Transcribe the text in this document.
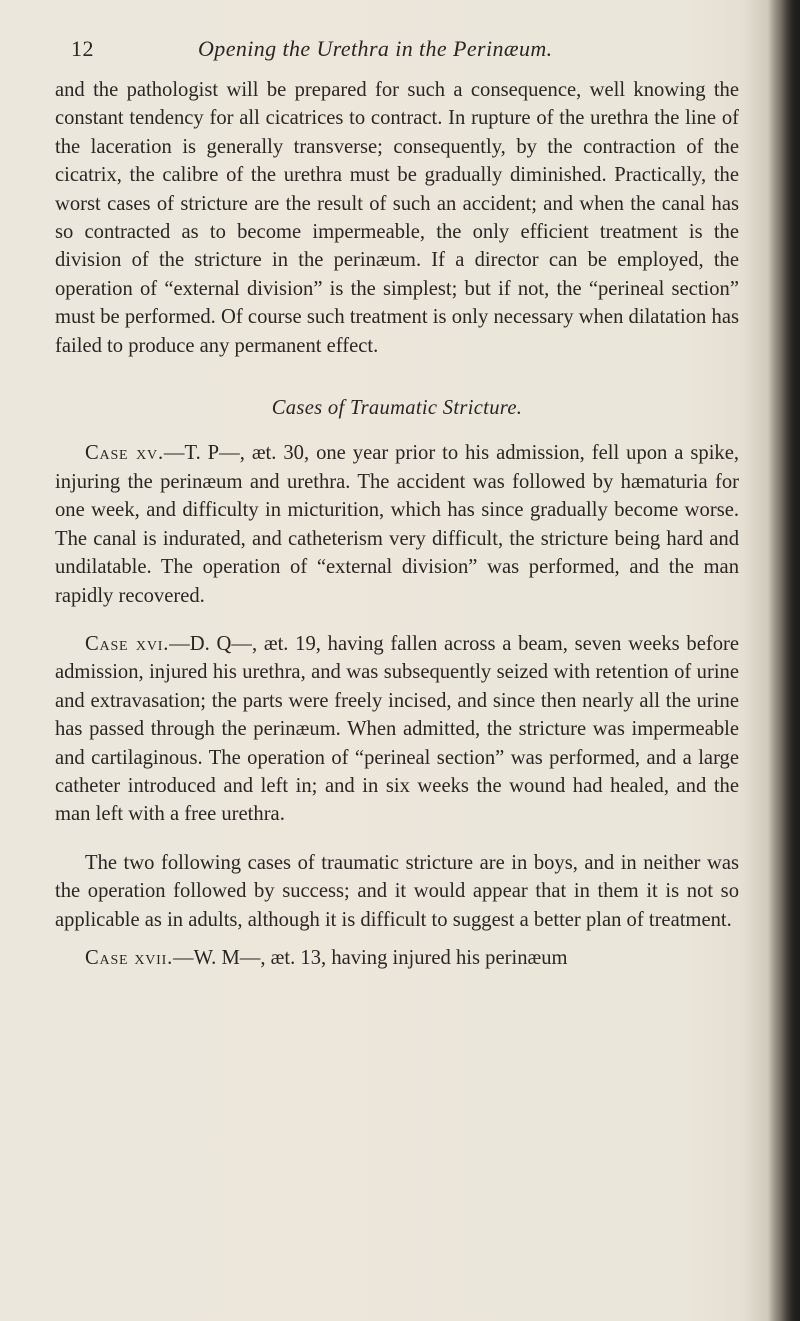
12	Opening the Urethra in the Perinæum.

and the pathologist will be prepared for such a consequence, well knowing the constant tendency for all cicatrices to contract. In rupture of the urethra the line of the laceration is generally transverse; consequently, by the contraction of the cicatrix, the calibre of the urethra must be gradually diminished. Practically, the worst cases of stricture are the result of such an accident; and when the canal has so contracted as to become impermeable, the only efficient treatment is the division of the stricture in the perinæum. If a director can be employed, the operation of “external division” is the simplest; but if not, the “perineal section” must be performed. Of course such treatment is only necessary when dilatation has failed to produce any permanent effect.

Cases of Traumatic Stricture.

Case xv.—T. P—, æt. 30, one year prior to his admission, fell upon a spike, injuring the perinæum and urethra. The accident was followed by hæmaturia for one week, and difficulty in micturition, which has since gradually become worse. The canal is indurated, and catheterism very difficult, the stricture being hard and undilatable. The operation of “external division” was performed, and the man rapidly recovered.

Case xvi.—D. Q—, æt. 19, having fallen across a beam, seven weeks before admission, injured his urethra, and was subsequently seized with retention of urine and extravasation; the parts were freely incised, and since then nearly all the urine has passed through the perinæum. When admitted, the stricture was impermeable and cartilaginous. The operation of “perineal section” was performed, and a large catheter introduced and left in; and in six weeks the wound had healed, and the man left with a free urethra.

The two following cases of traumatic stricture are in boys, and in neither was the operation followed by success; and it would appear that in them it is not so applicable as in adults, although it is difficult to suggest a better plan of treatment.

Case xvii.—W. M—, æt. 13, having injured his perinæum
